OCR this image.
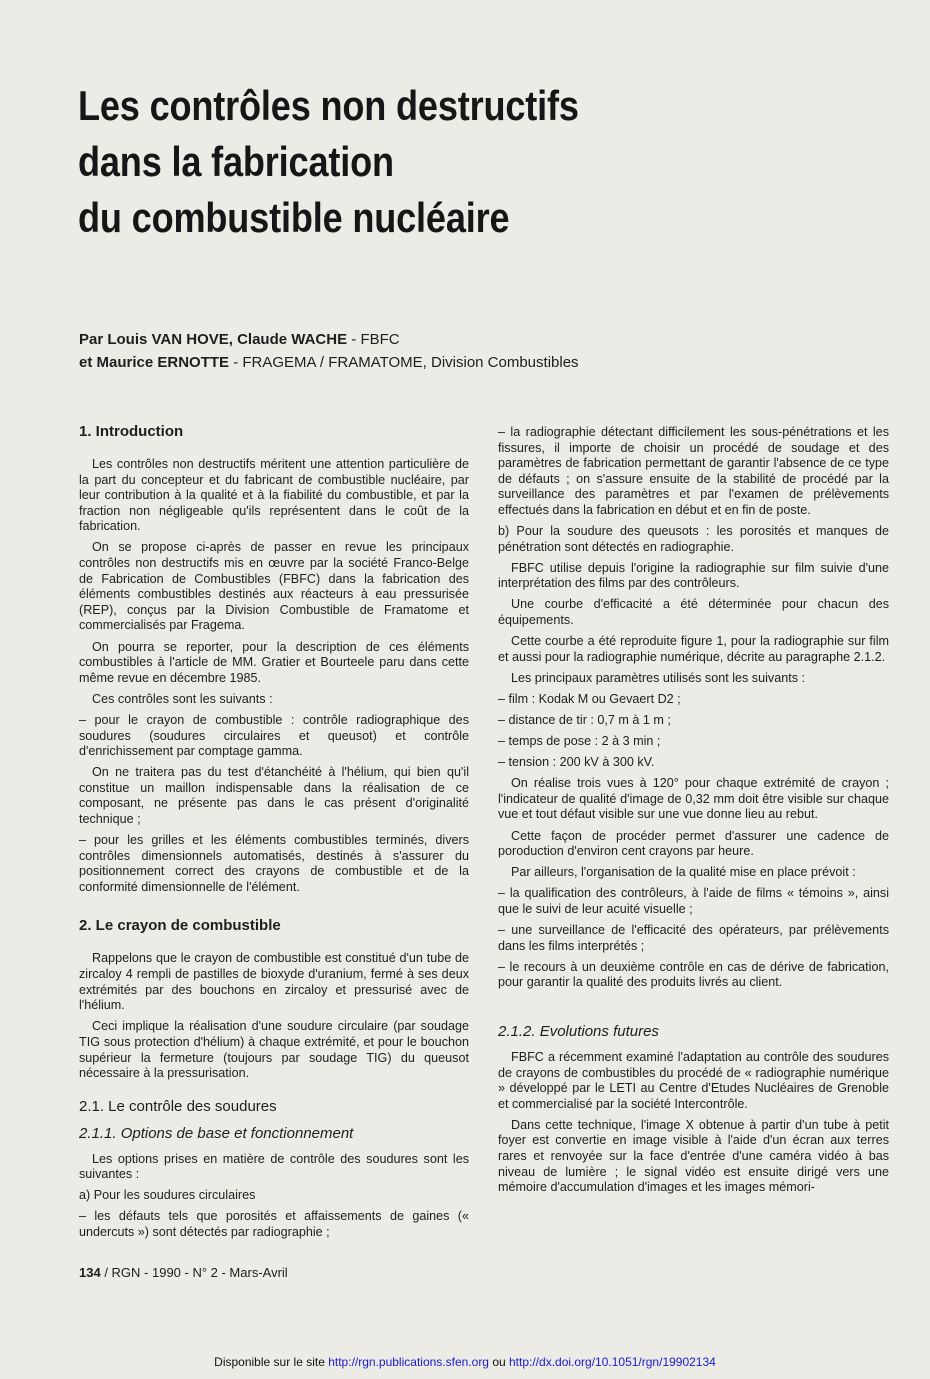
Les contrôles non destructifs
dans la fabrication
du combustible nucléaire
Par Louis VAN HOVE, Claude WACHE - FBFC
et Maurice ERNOTTE - FRAGEMA / FRAMATOME, Division Combustibles
1. Introduction

Les contrôles non destructifs méritent une attention particulière de la part du concepteur et du fabricant de combustible nucléaire, par leur contribution à la qualité et à la fiabilité du combustible, et par la fraction non négligeable qu'ils représentent dans le coût de la fabrication.

On se propose ci-après de passer en revue les principaux contrôles non destructifs mis en œuvre par la société Franco-Belge de Fabrication de Combustibles (FBFC) dans la fabrication des éléments combustibles destinés aux réacteurs à eau pressurisée (REP), conçus par la Division Combustible de Framatome et commercialisés par Fragema.

On pourra se reporter, pour la description de ces éléments combustibles à l'article de MM. Gratier et Bourteele paru dans cette même revue en décembre 1985.

Ces contrôles sont les suivants :

– pour le crayon de combustible : contrôle radiographique des soudures (soudures circulaires et queusot) et contrôle d'enrichissement par comptage gamma.

On ne traitera pas du test d'étanchéité à l'hélium, qui bien qu'il constitue un maillon indispensable dans la réalisation de ce composant, ne présente pas dans le cas présent d'originalité technique ;

– pour les grilles et les éléments combustibles terminés, divers contrôles dimensionnels automatisés, destinés à s'assurer du positionnement correct des crayons de combustible et de la conformité dimensionnelle de l'élément.

2. Le crayon de combustible

Rappelons que le crayon de combustible est constitué d'un tube de zircaloy 4 rempli de pastilles de bioxyde d'uranium, fermé à ses deux extrémités par des bouchons en zircaloy et pressurisé avec de l'hélium.

Ceci implique la réalisation d'une soudure circulaire (par soudage TIG sous protection d'hélium) à chaque extrémité, et pour le bouchon supérieur la fermeture (toujours par soudage TIG) du queusot nécessaire à la pressurisation.

2.1. Le contrôle des soudures
2.1.1. Options de base et fonctionnement

Les options prises en matière de contrôle des soudures sont les suivantes :

a) Pour les soudures circulaires

– les défauts tels que porosités et affaissements de gaines (« undercuts ») sont détectés par radiographie ;

– la radiographie détectant difficilement les sous-pénétrations et les fissures, il importe de choisir un procédé de soudage et des paramètres de fabrication permettant de garantir l'absence de ce type de défauts ; on s'assure ensuite de la stabilité de procédé par la surveillance des paramètres et par l'examen de prélèvements effectués dans la fabrication en début et en fin de poste.

b) Pour la soudure des queusots : les porosités et manques de pénétration sont détectés en radiographie.

FBFC utilise depuis l'origine la radiographie sur film suivie d'une interprétation des films par des contrôleurs.

Une courbe d'efficacité a été déterminée pour chacun des équipements.

Cette courbe a été reproduite figure 1, pour la radiographie sur film et aussi pour la radiographie numérique, décrite au paragraphe 2.1.2.

Les principaux paramètres utilisés sont les suivants :

– film : Kodak M ou Gevaert D2 ;

– distance de tir : 0,7 m à 1 m ;

– temps de pose : 2 à 3 min ;

– tension : 200 kV à 300 kV.

On réalise trois vues à 120° pour chaque extrémité de crayon ; l'indicateur de qualité d'image de 0,32 mm doit être visible sur chaque vue et tout défaut visible sur une vue donne lieu au rebut.

Cette façon de procéder permet d'assurer une cadence de poroduction d'environ cent crayons par heure.

Par ailleurs, l'organisation de la qualité mise en place prévoit :

– la qualification des contrôleurs, à l'aide de films « témoins », ainsi que le suivi de leur acuité visuelle ;

– une surveillance de l'efficacité des opérateurs, par prélèvements dans les films interprétés ;

– le recours à un deuxième contrôle en cas de dérive de fabrication, pour garantir la qualité des produits livrés au client.

2.1.2. Evolutions futures

FBFC a récemment examiné l'adaptation au contrôle des soudures de crayons de combustibles du procédé de « radiographie numérique » développé par le LETI au Centre d'Etudes Nucléaires de Grenoble et commercialisé par la société Intercontrôle.

Dans cette technique, l'image X obtenue à partir d'un tube à petit foyer est convertie en image visible à l'aide d'un écran aux terres rares et renvoyée sur la face d'entrée d'une caméra vidéo à bas niveau de lumière ; le signal vidéo est ensuite dirigé vers une mémoire d'accumulation d'images et les images mémori-

134 / RGN - 1990 - N° 2 - Mars-Avril
Disponible sur le site http://rgn.publications.sfen.org ou http://dx.doi.org/10.1051/rgn/19902134
